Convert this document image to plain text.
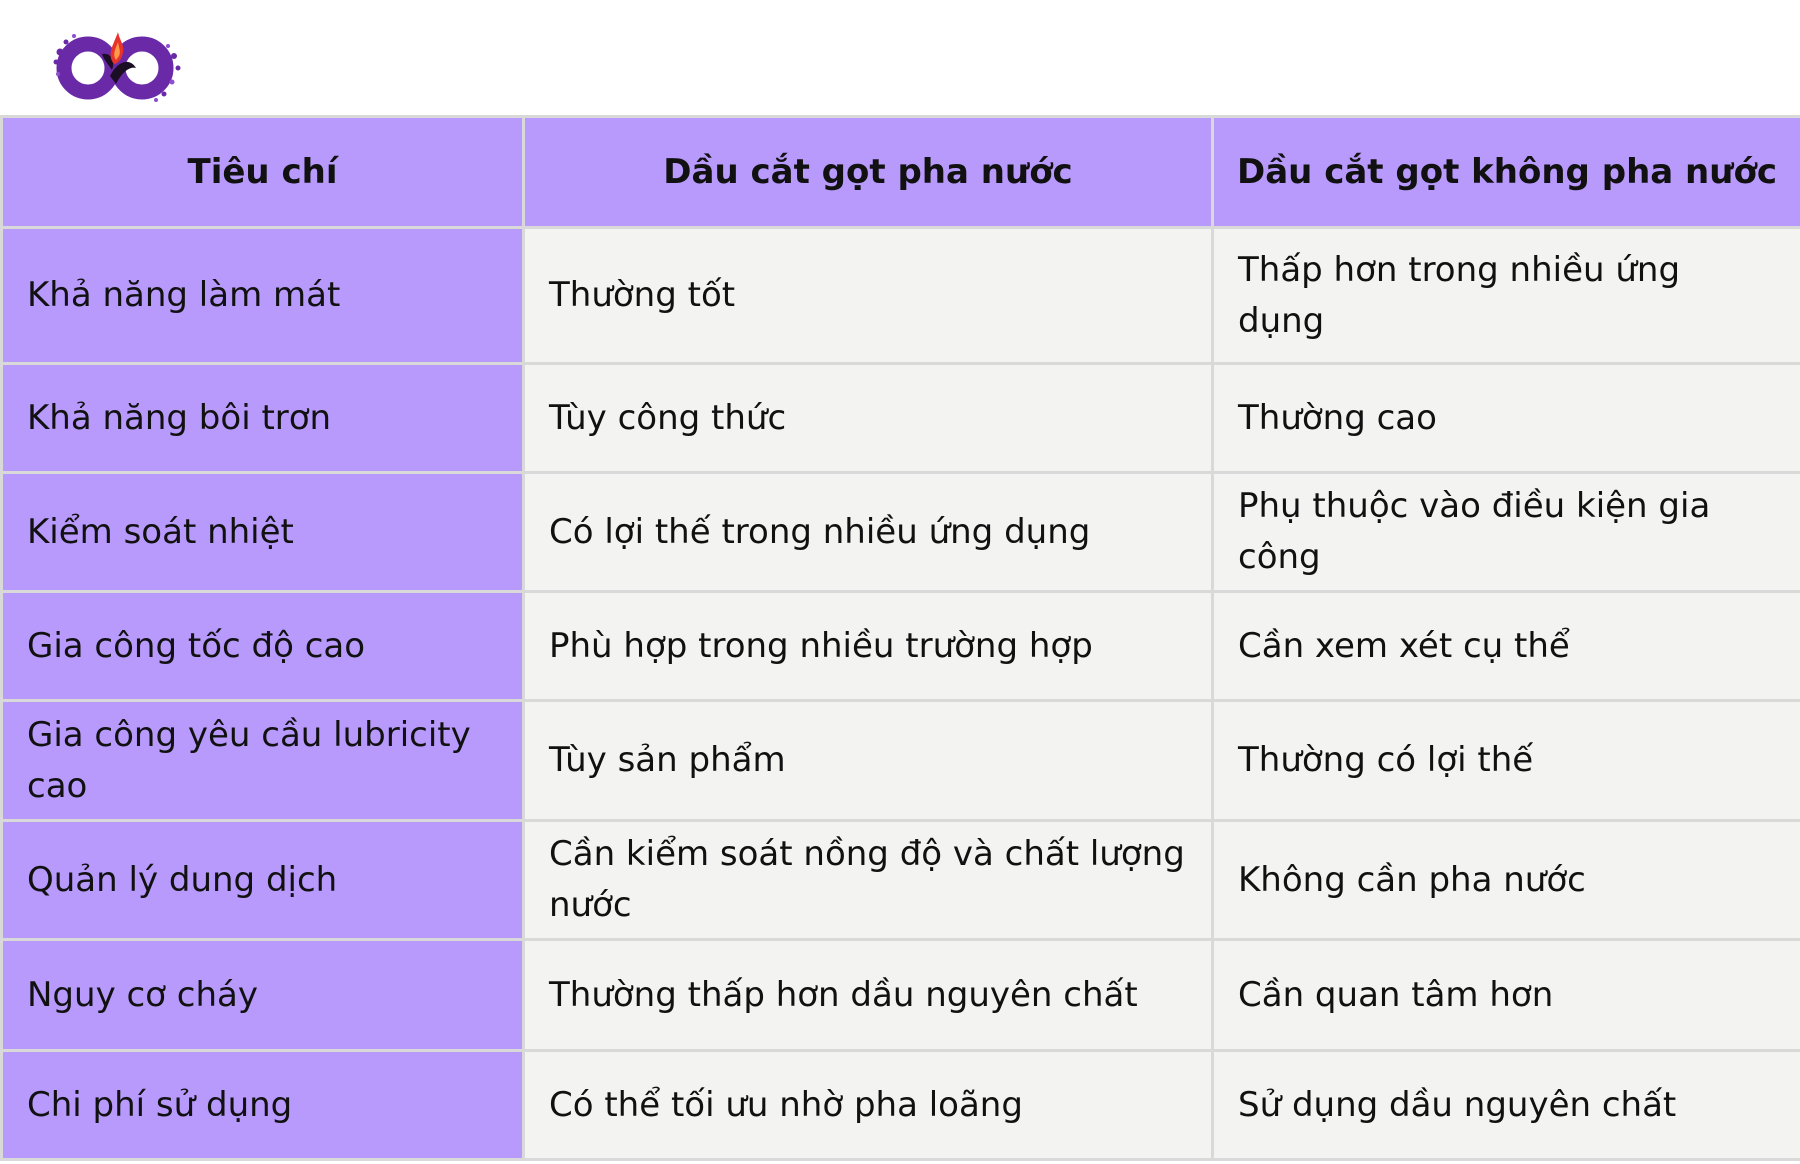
Tiêu chí	Dầu cắt gọt pha nước	Dầu cắt gọt không pha nước
Khả năng làm mát	Thường tốt	Thấp hơn trong nhiều ứng dụng
Khả năng bôi trơn	Tùy công thức	Thường cao
Kiểm soát nhiệt	Có lợi thế trong nhiều ứng dụng	Phụ thuộc vào điều kiện gia công
Gia công tốc độ cao	Phù hợp trong nhiều trường hợp	Cần xem xét cụ thể
Gia công yêu cầu lubricity cao	Tùy sản phẩm	Thường có lợi thế
Quản lý dung dịch	Cần kiểm soát nồng độ và chất lượng nước	Không cần pha nước
Nguy cơ cháy	Thường thấp hơn dầu nguyên chất	Cần quan tâm hơn
Chi phí sử dụng	Có thể tối ưu nhờ pha loãng	Sử dụng dầu nguyên chất
